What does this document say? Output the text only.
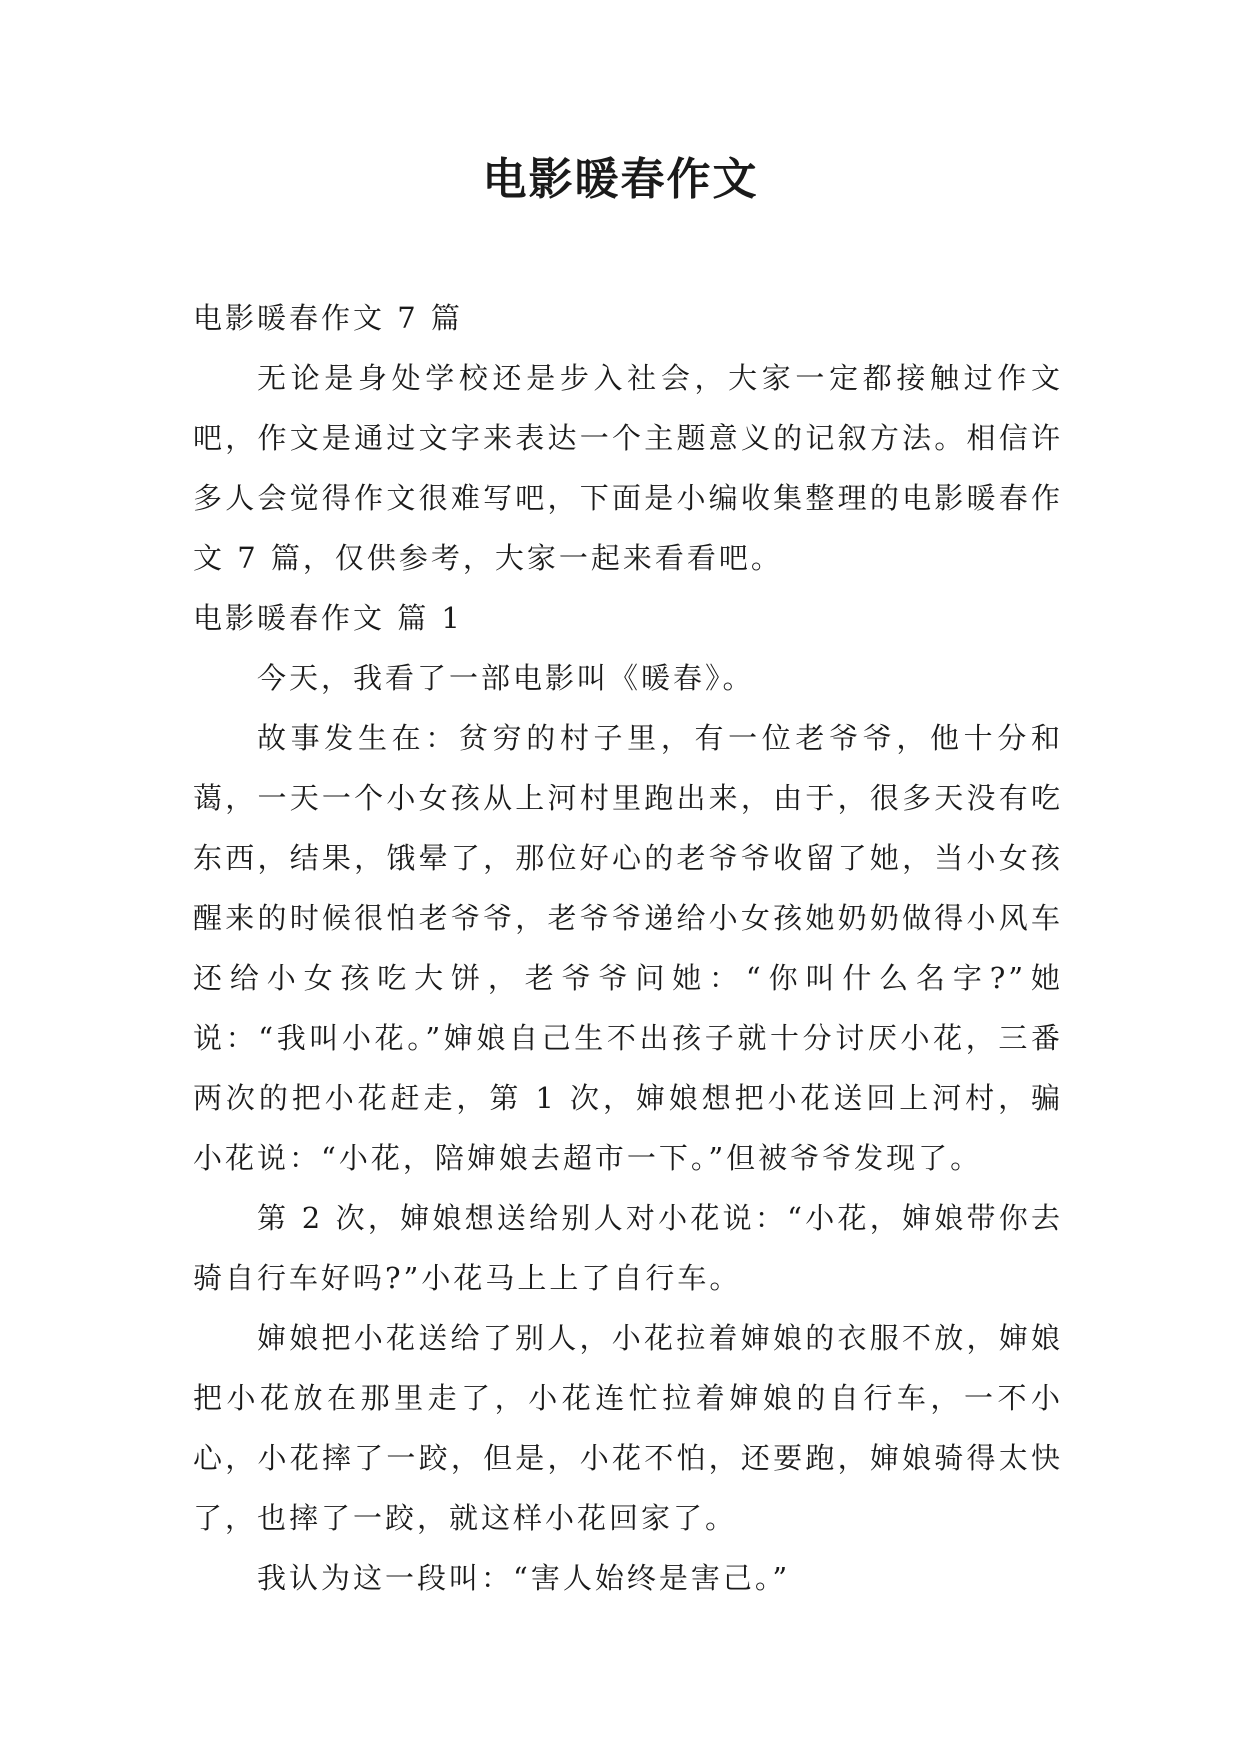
电影暖春作文

电影暖春作文 7 篇

无论是身处学校还是步入社会，大家一定都接触过作文吧，作文是通过文字来表达一个主题意义的记叙方法。相信许多人会觉得作文很难写吧，下面是小编收集整理的电影暖春作文 7 篇，仅供参考，大家一起来看看吧。

电影暖春作文 篇 1

今天，我看了一部电影叫《暖春》。

故事发生在：贫穷的村子里，有一位老爷爷，他十分和蔼，一天一个小女孩从上河村里跑出来，由于，很多天没有吃东西，结果，饿晕了，那位好心的老爷爷收留了她，当小女孩醒来的时候很怕老爷爷，老爷爷递给小女孩她奶奶做得小风车还给小女孩吃大饼，老爷爷问她：“你叫什么名字?”她说：“我叫小花。”婶娘自己生不出孩子就十分讨厌小花，三番两次的把小花赶走，第 1 次，婶娘想把小花送回上河村，骗小花说：“小花，陪婶娘去超市一下。”但被爷爷发现了。

第 2 次，婶娘想送给别人对小花说：“小花，婶娘带你去骑自行车好吗?”小花马上上了自行车。

婶娘把小花送给了别人，小花拉着婶娘的衣服不放，婶娘把小花放在那里走了，小花连忙拉着婶娘的自行车，一不小心，小花摔了一跤，但是，小花不怕，还要跑，婶娘骑得太快了，也摔了一跤，就这样小花回家了。

我认为这一段叫：“害人始终是害己。”
